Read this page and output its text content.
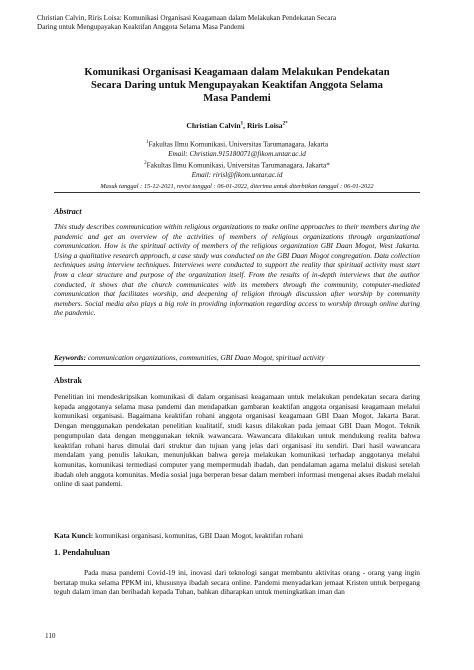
Christian Calvin, Riris Loisa: Komunikasi Organisasi Keagamaan dalam Melakukan Pendekatan Secara
Daring untuk Mengupayakan Keaktifan Anggota Selama Masa Pandemi
Komunikasi Organisasi Keagamaan dalam Melakukan Pendekatan
Secara Daring untuk Mengupayakan Keaktifan Anggota Selama
Masa Pandemi
Christian Calvin$^1$, Riris Loisa$^{2*}$
$^1$Fakultas Ilmu Komunikasi, Universitas Tarumanagara, Jakarta
Email: Christian.915180071@fikom.untar.ac.id
$^2$Fakultas Ilmu Komunikasi, Universitas Tarumanagara, Jakarta*
Email: ririsl@fikom.untar.ac.id
Masuk tanggal : 15-12-2021, revisi tanggal : 06-01-2022, diterima untuk diterbitkan tanggal : 06-01-2022
Abstract
This study describes communication within religious organizations to make online approaches to their members during the pandemic and get an overview of the activities of members of religious organizations through organizational communication. How is the spiritual activity of members of the religious organization GBI Daan Mogot, West Jakarta. Using a qualitative research approach, a case study was conducted on the GBI Daan Mogot congregation. Data collection techniques using interview techniques. Interviews were conducted to support the reality that spiritual activity must start from a clear structure and purpose of the organization itself. From the results of in-depth interviews that the author conducted, it shows that the church communicates with its members through the community, computer-mediated communication that facilitates worship, and deepening of religion through discussion after worship by community members. Social media also plays a big role in providing information regarding access to worship through online during the pandemic.
Keywords: communication organizations, communities, GBI Daan Mogot, spiritual activity
Abstrak
Penelitian ini mendeskripsikan komunikasi di dalam organisasi keagamaan untuk melakukan pendekatan secara daring kepada anggotanya selama masa pandemi dan mendapatkan gambaran keaktifan anggota organisasi keagamaan melalui komunikasi organisasi. Bagaimana keaktifan rohani anggota organisasi keagamaan GBI Daan Mogot, Jakarta Barat. Dengan menggunakan pendekatan penelitian kualitatif, studi kasus dilakukan pada jemaat GBI Daan Mogot. Teknik pengumpulan data dengan menggunakan teknik wawancara. Wawancara dilakukan untuk mendukung realita bahwa keaktifan rohani harus dimulai dari struktur dan tujuan yang jelas dari organisasi itu sendiri. Dari hasil wawancara mendalam yang penulis lakukan, menunjukkan bahwa gereja melakukan komunikasi terhadap anggotanya melalui komunitas, komunikasi termediasi computer yang mempermudah ibadah, dan pendalaman agama melalui diskusi setelah ibadah oleh anggota komunitas. Media sosial juga berperan besar dalam memberi informasi mengenai akses ibadah melalui online di saat pandemi.
Kata Kunci: komunikasi organisasi, komunitas, GBI Daan Mogot, keaktifan rohani
1. Pendahuluan
Pada masa pandemi Covid-19 ini, inovasi dari teknologi sangat membantu aktivitas orang - orang yang ingin bertatap muka selama PPKM ini, khususnya ibadah secara online. Pandemi menyadarkan jemaat Kristen untuk berpegang teguh dalam iman dan beribadah kepada Tuhan, bahkan diharapkan untuk meningkatkan iman dan
110
